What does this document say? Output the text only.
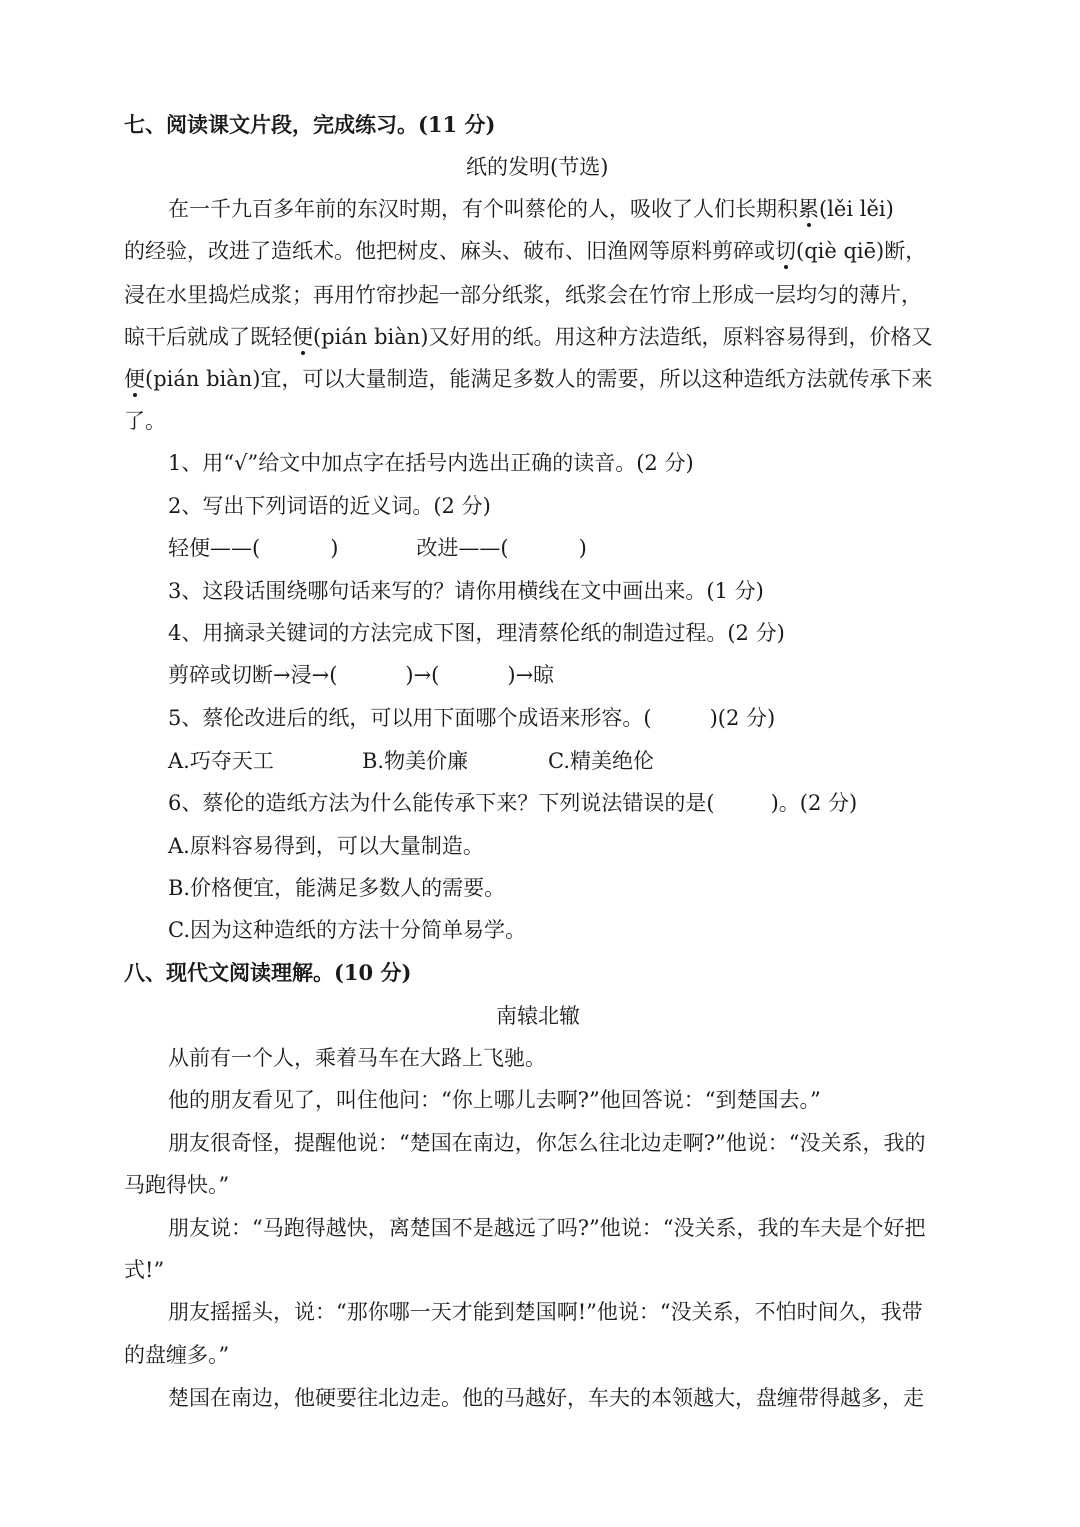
七、阅读课文片段，完成练习。(11 分)
纸的发明(节选)
在一千九百多年前的东汉时期，有个叫蔡伦的人，吸收了人们长期积累(lěi lěi)
的经验，改进了造纸术。他把树皮、麻头、破布、旧渔网等原料剪碎或切(qiè qiē)断，
浸在水里捣烂成浆；再用竹帘抄起一部分纸浆，纸浆会在竹帘上形成一层均匀的薄片，
晾干后就成了既轻便(pián biàn)又好用的纸。用这种方法造纸，原料容易得到，价格又
便(pián biàn)宜，可以大量制造，能满足多数人的需要，所以这种造纸方法就传承下来
了。
1、用“√”给文中加点字在括号内选出正确的读音。(2 分)
2、写出下列词语的近义词。(2 分)
轻便——(	)	改进——(	)
3、这段话围绕哪句话来写的？请你用横线在文中画出来。(1 分)
4、用摘录关键词的方法完成下图，理清蔡伦纸的制造过程。(2 分)
剪碎或切断→浸→(	)→(	)→晾
5、蔡伦改进后的纸，可以用下面哪个成语来形容。(	)(2 分)
A.巧夺天工	B.物美价廉	C.精美绝伦
6、蔡伦的造纸方法为什么能传承下来？下列说法错误的是(	)。(2 分)
A.原料容易得到，可以大量制造。
B.价格便宜，能满足多数人的需要。
C.因为这种造纸的方法十分简单易学。
八、现代文阅读理解。(10 分)
南辕北辙
从前有一个人，乘着马车在大路上飞驰。
他的朋友看见了，叫住他问：“你上哪儿去啊?”他回答说：“到楚国去。”
朋友很奇怪，提醒他说：“楚国在南边，你怎么往北边走啊?”他说：“没关系，我的
马跑得快。”
朋友说：“马跑得越快，离楚国不是越远了吗?”他说：“没关系，我的车夫是个好把
式!”
朋友摇摇头，说：“那你哪一天才能到楚国啊!”他说：“没关系，不怕时间久，我带
的盘缠多。”
楚国在南边，他硬要往北边走。他的马越好，车夫的本领越大，盘缠带得越多，走
